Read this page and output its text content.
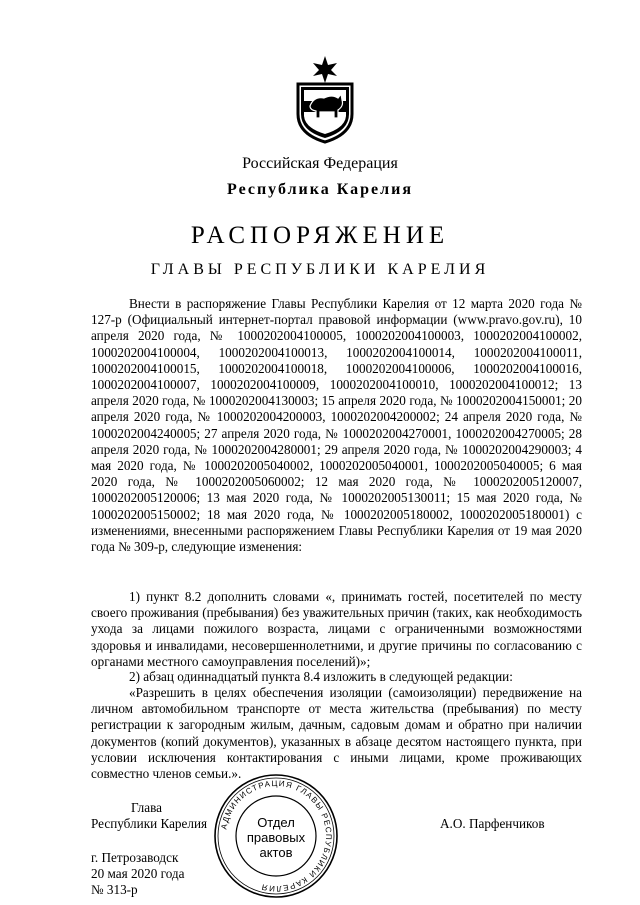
Российская Федерация
Республика Карелия
РАСПОРЯЖЕНИЕ
ГЛАВЫ РЕСПУБЛИКИ КАРЕЛИЯ

Внести в распоряжение Главы Республики Карелия от 12 марта 2020 года № 127-р (Официальный интернет-портал правовой информации (www.pravo.gov.ru), 10 апреля 2020 года, № 1000202004100005, 1000202004100003, 1000202004100002, 1000202004100004, 1000202004100013, 1000202004100014, 1000202004100011, 1000202004100015, 1000202004100018, 1000202004100006, 1000202004100016, 1000202004100007, 1000202004100009, 1000202004100010, 1000202004100012; 13 апреля 2020 года, № 1000202004130003; 15 апреля 2020 года, № 1000202004150001; 20 апреля 2020 года, № 1000202004200003, 1000202004200002; 24 апреля 2020 года, № 1000202004240005; 27 апреля 2020 года, № 1000202004270001, 1000202004270005; 28 апреля 2020 года, № 1000202004280001; 29 апреля 2020 года, № 1000202004290003; 4 мая 2020 года, № 1000202005040002, 1000202005040001, 1000202005040005; 6 мая 2020 года, № 1000202005060002; 12 мая 2020 года, № 1000202005120007, 1000202005120006; 13 мая 2020 года, № 1000202005130011; 15 мая 2020 года, № 1000202005150002; 18 мая 2020 года, № 1000202005180002, 1000202005180001) с изменениями, внесенными распоряжением Главы Республики Карелия от 19 мая 2020 года № 309-р, следующие изменения:

1) пункт 8.2 дополнить словами «, принимать гостей, посетителей по месту своего проживания (пребывания) без уважительных причин (таких, как необходимость ухода за лицами пожилого возраста, лицами с ограниченными возможностями здоровья и инвалидами, несовершеннолетними, и другие причины по согласованию с органами местного самоуправления поселений)»;

2) абзац одиннадцатый пункта 8.4 изложить в следующей редакции:

«Разрешить в целях обеспечения изоляции (самоизоляции) передвижение на личном автомобильном транспорте от места жительства (пребывания) по месту регистрации к загородным жилым, дачным, садовым домам и обратно при наличии документов (копий документов), указанных в абзаце десятом настоящего пункта, при условии исключения контактирования с иными лицами, кроме проживающих совместно членов семьи.».

Глава
Республики Карелия	А.О. Парфенчиков
АДМИНИСТРАЦИЯ ГЛАВЫ РЕСПУБЛИКИ КАРЕЛИЯ
Отдел
правовых
актов
г. Петрозаводск
20 мая 2020 года
№ 313-р
